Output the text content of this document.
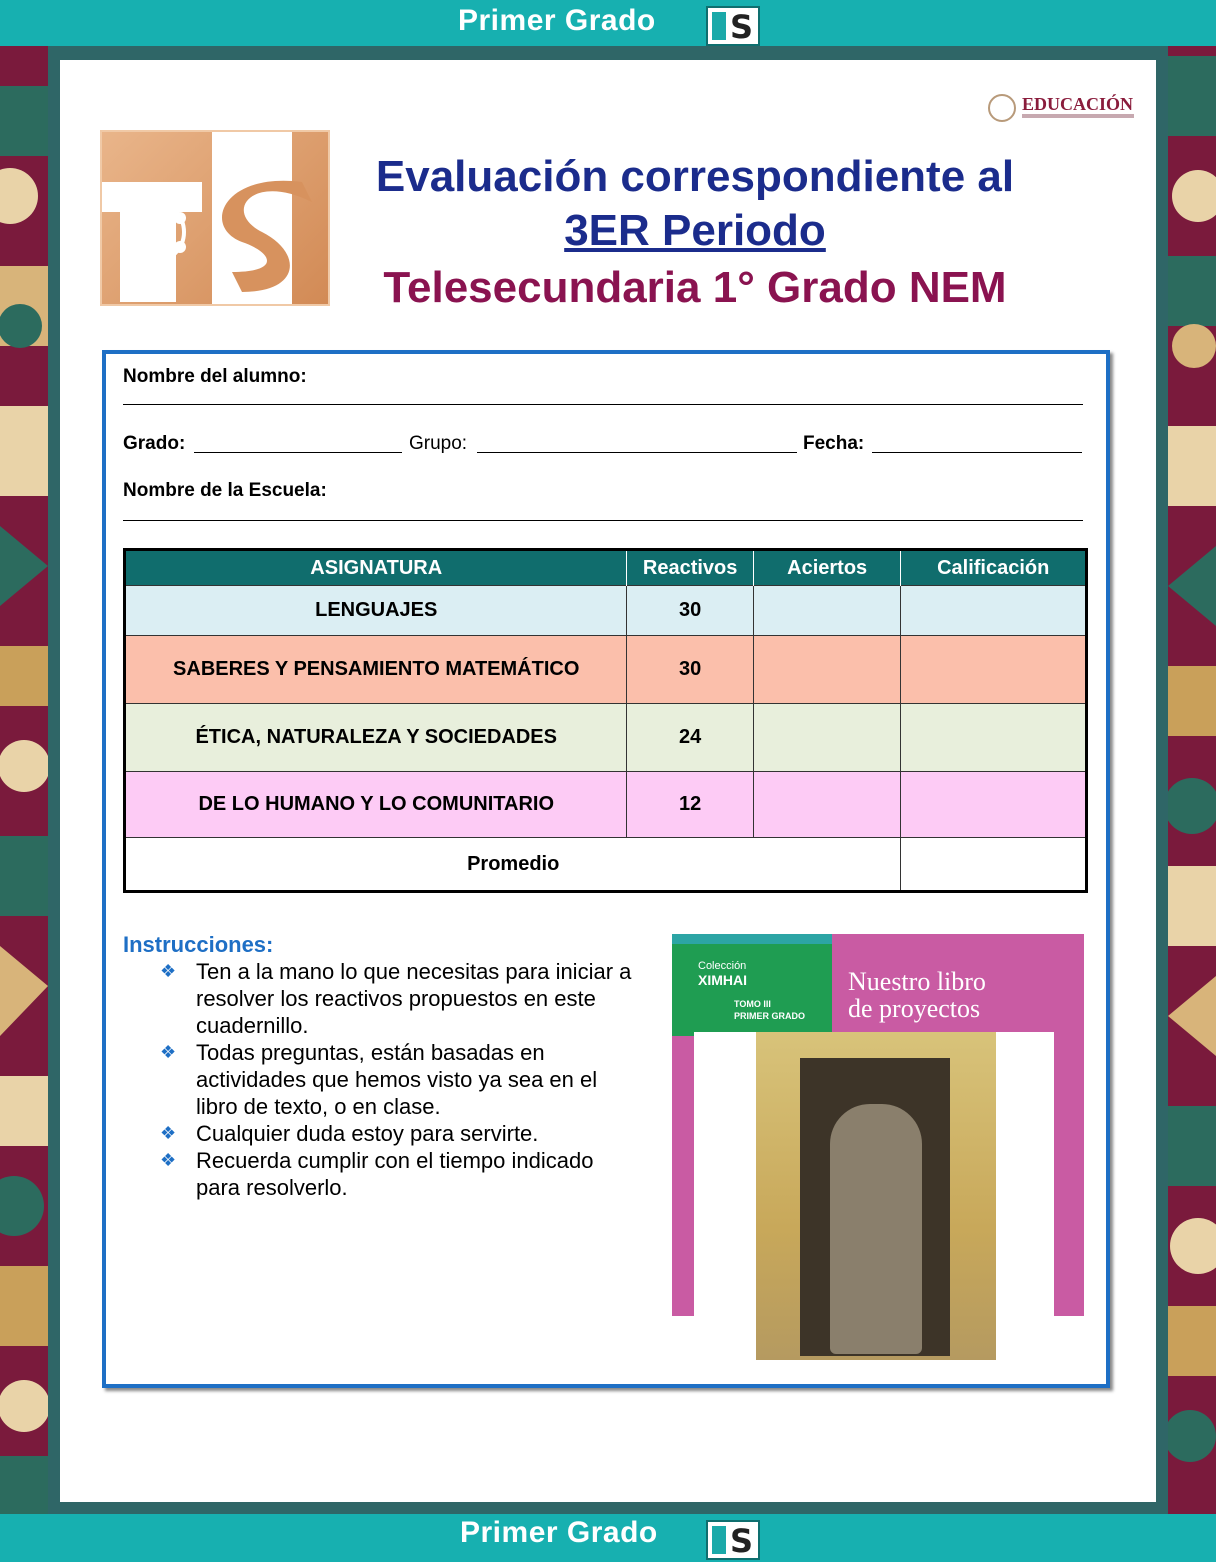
Primer Grado S
EDUCACIÓN
Evaluación correspondiente al
3ER Periodo
Telesecundaria 1° Grado NEM
Nombre del alumno:
Grado:	Grupo:	Fecha:
Nombre de la Escuela:
ASIGNATURA	Reactivos	Aciertos	Calificación
LENGUAJES	30		
SABERES Y PENSAMIENTO MATEMÁTICO	30		
ÉTICA, NATURALEZA Y SOCIEDADES	24		
DE LO HUMANO Y LO COMUNITARIO	12		
Promedio			
Instrucciones:
❖ Ten a la mano lo que necesitas para iniciar a resolver los reactivos propuestos en este cuadernillo.
❖ Todas preguntas, están basadas en actividades que hemos visto ya sea en el libro de texto, o en clase.
❖ Cualquier duda estoy para servirte.
❖ Recuerda cumplir con el tiempo indicado para resolverlo.
Colección
XIMHAI
TOMO III
PRIMER GRADO
Nuestro libro
de proyectos
Primer Grado S
